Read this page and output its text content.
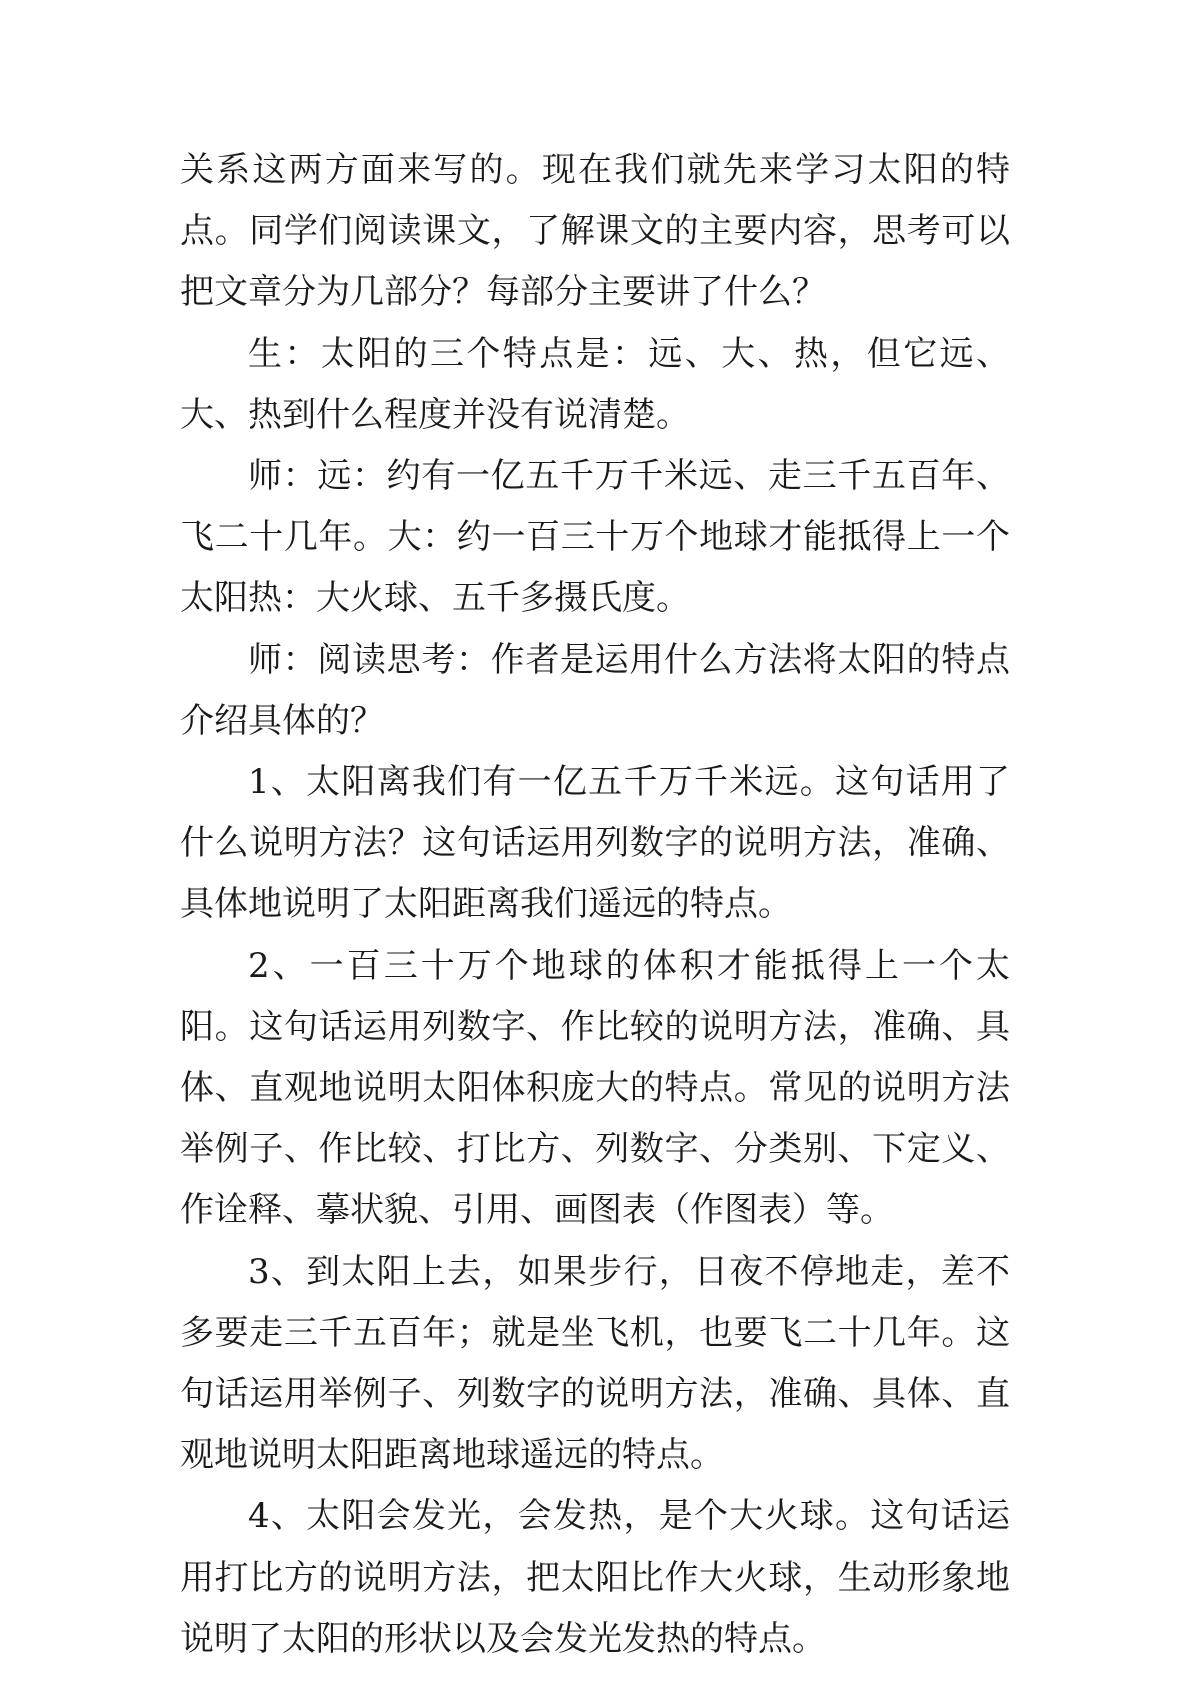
关系这两方面来写的。现在我们就先来学习太阳的特点。同学们阅读课文，了解课文的主要内容，思考可以把文章分为几部分？每部分主要讲了什么？

生：太阳的三个特点是：远、大、热，但它远、大、热到什么程度并没有说清楚。

师：远：约有一亿五千万千米远、走三千五百年、飞二十几年。大：约一百三十万个地球才能抵得上一个太阳热：大火球、五千多摄氏度。

师：阅读思考：作者是运用什么方法将太阳的特点介绍具体的？

1、太阳离我们有一亿五千万千米远。这句话用了什么说明方法？这句话运用列数字的说明方法，准确、具体地说明了太阳距离我们遥远的特点。

2、一百三十万个地球的体积才能抵得上一个太阳。这句话运用列数字、作比较的说明方法，准确、具体、直观地说明太阳体积庞大的特点。常见的说明方法举例子、作比较、打比方、列数字、分类别、下定义、作诠释、摹状貌、引用、画图表（作图表）等。

3、到太阳上去，如果步行，日夜不停地走，差不多要走三千五百年；就是坐飞机，也要飞二十几年。这句话运用举例子、列数字的说明方法，准确、具体、直观地说明太阳距离地球遥远的特点。

4、太阳会发光，会发热，是个大火球。这句话运用打比方的说明方法，把太阳比作大火球，生动形象地说明了太阳的形状以及会发光发热的特点。
